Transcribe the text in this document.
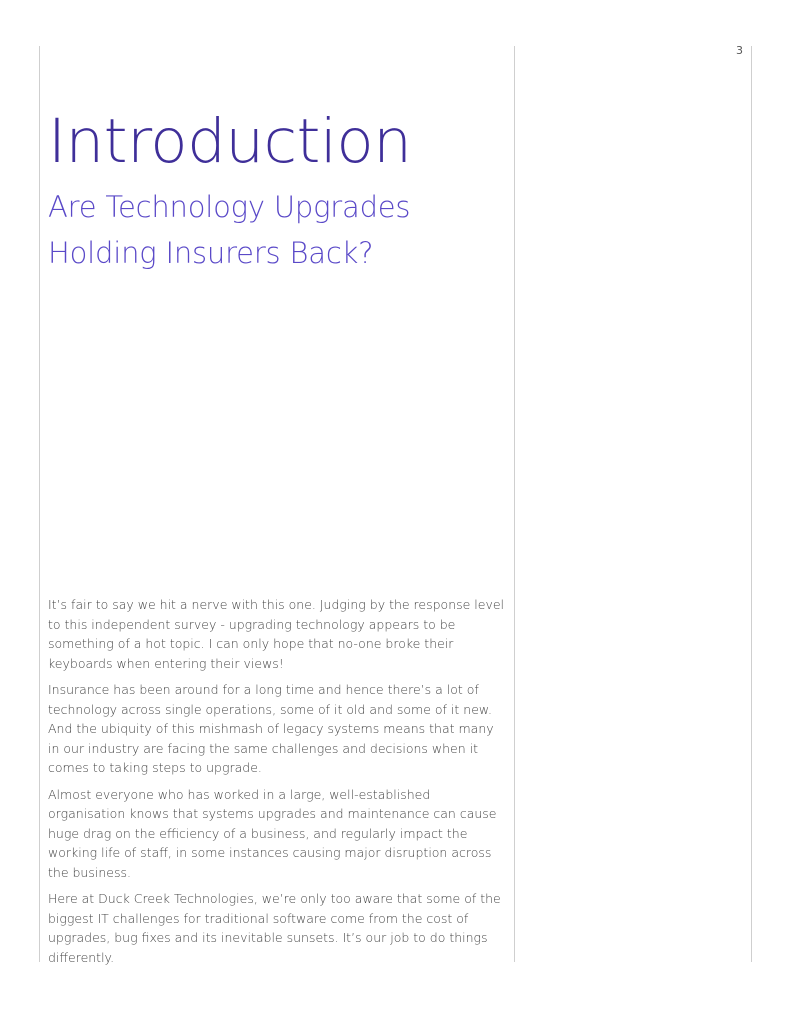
3
Introduction
Are Technology Upgrades
Holding Insurers Back?

It’s fair to say we hit a nerve with this one. Judging by the response level to this independent survey - upgrading technology appears to be something of a hot topic. I can only hope that no-one broke their keyboards when entering their views!

Insurance has been around for a long time and hence there’s a lot of technology across single operations, some of it old and some of it new. And the ubiquity of this mishmash of legacy systems means that many in our industry are facing the same challenges and decisions when it comes to taking steps to upgrade.

Almost everyone who has worked in a large, well-established organisation knows that systems upgrades and maintenance can cause huge drag on the efficiency of a business, and regularly impact the working life of staff, in some instances causing major disruption across the business.

Here at Duck Creek Technologies, we’re only too aware that some of the biggest IT challenges for traditional software come from the cost of upgrades, bug fixes and its inevitable sunsets. It’s our job to do things differently.
